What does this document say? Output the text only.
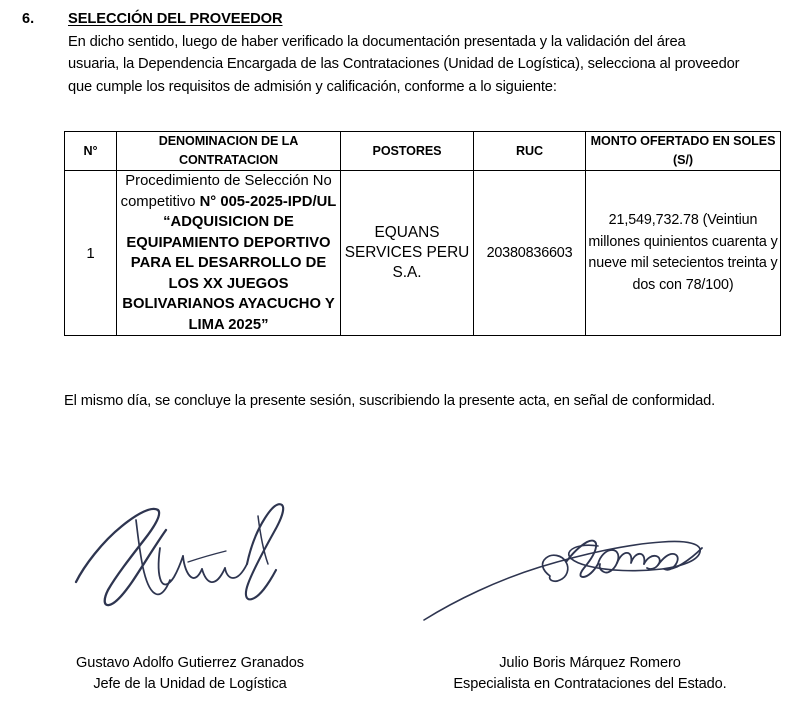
6.	SELECCIÓN DEL PROVEEDOR
En dicho sentido, luego de haber verificado la documentación presentada y la validación del área usuaria, la Dependencia Encargada de las Contrataciones (Unidad de Logística), selecciona al proveedor que cumple los requisitos de admisión y calificación, conforme a lo siguiente:
N°	DENOMINACION DE LA CONTRATACION	POSTORES	RUC	MONTO OFERTADO EN SOLES (S/)
1	Procedimiento de Selección No competitivo N° 005-2025-IPD/UL “ADQUISICION DE EQUIPAMIENTO DEPORTIVO PARA EL DESARROLLO DE LOS XX JUEGOS BOLIVARIANOS AYACUCHO Y LIMA 2025”	EQUANS SERVICES PERU S.A.	20380836603	21,549,732.78 (Veintiun millones quinientos cuarenta y nueve mil setecientos treinta y dos con 78/100)
El mismo día, se concluye la presente sesión, suscribiendo la presente acta, en señal de conformidad.
Gustavo Adolfo Gutierrez Granados
Jefe de la Unidad de Logística
Julio Boris Márquez Romero
Especialista en Contrataciones del Estado.
